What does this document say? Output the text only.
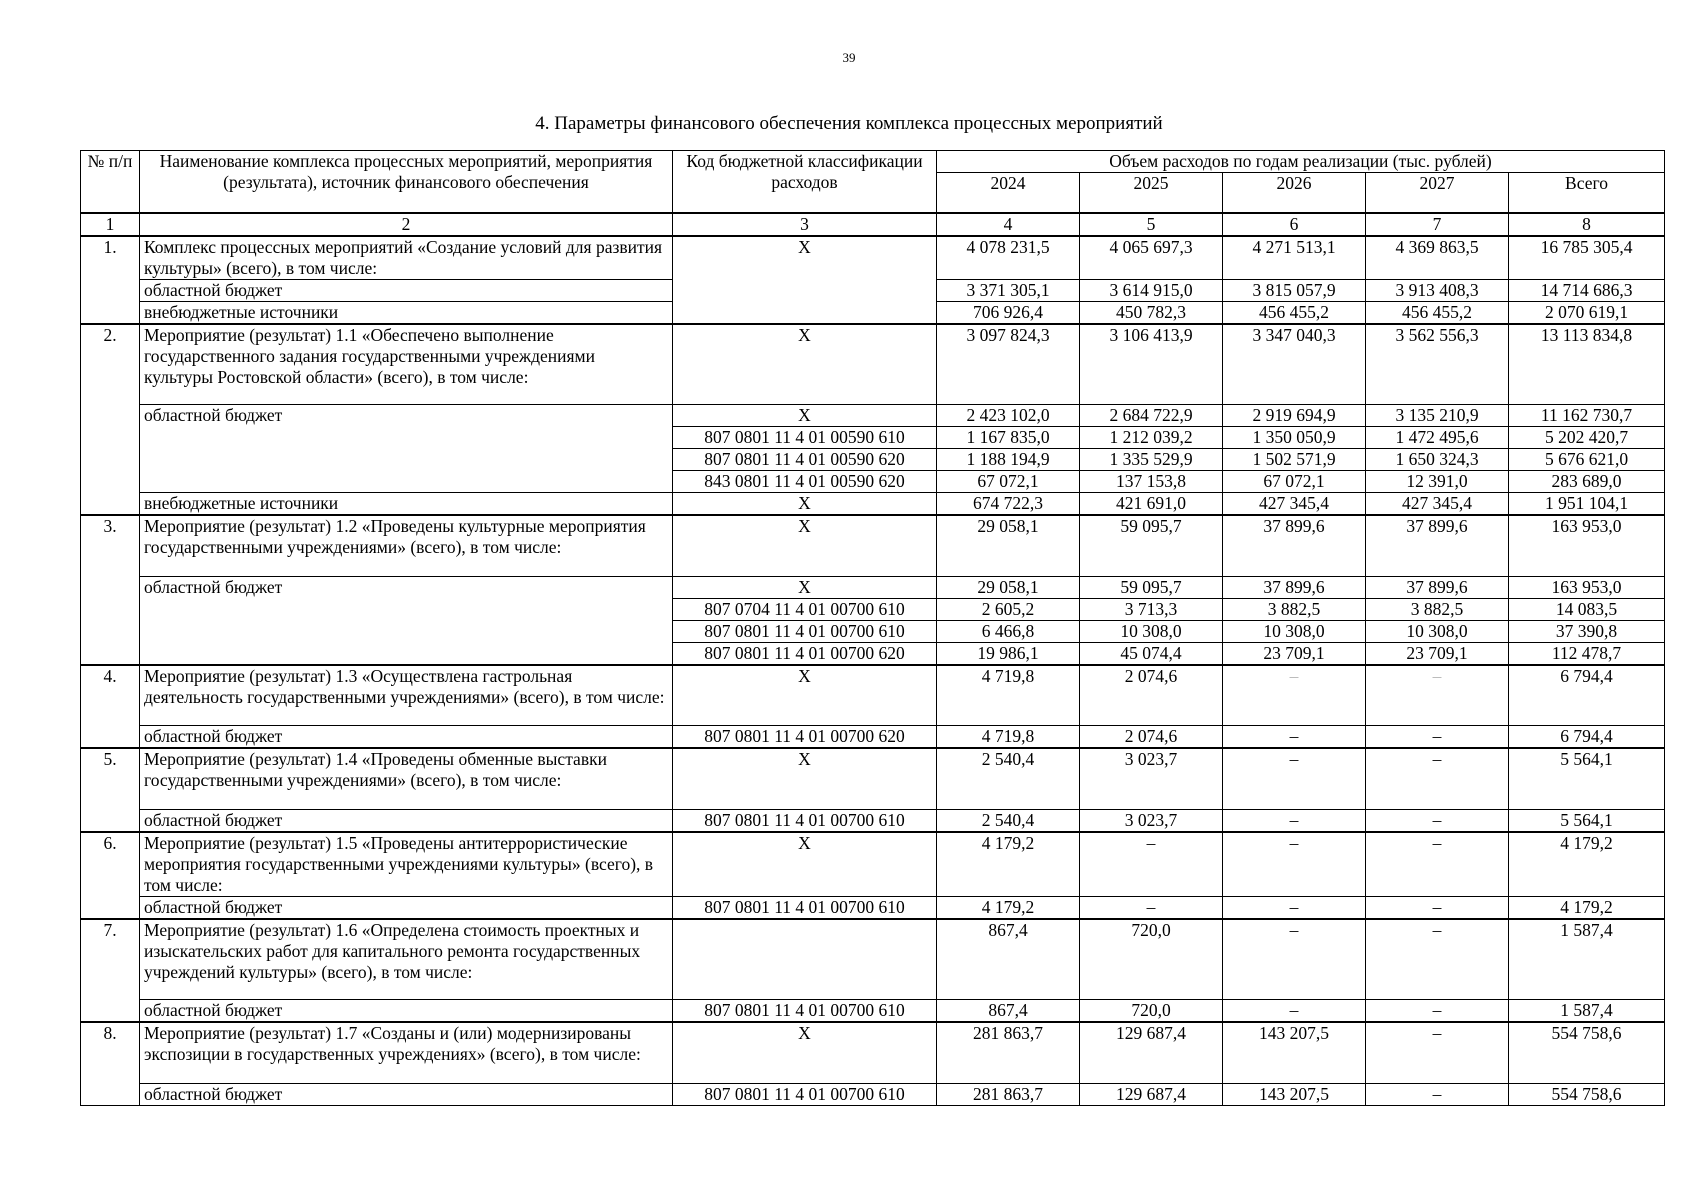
39
4. Параметры финансового обеспечения комплекса процессных мероприятий
№ п/п	Наименование комплекса процессных мероприятий, мероприятия (результата), источник финансового обеспечения	Код бюджетной классификации расходов	Объем расходов по годам реализации (тыс. рублей)				
			2024	2025	2026	2027	Всего
1	2	3	4	5	6	7	8
1.	Комплекс процессных мероприятий «Создание условий для развития культуры» (всего), в том числе:	X	4 078 231,5	4 065 697,3	4 271 513,1	4 369 863,5	16 785 305,4
	областной бюджет		3 371 305,1	3 614 915,0	3 815 057,9	3 913 408,3	14 714 686,3
	внебюджетные источники		706 926,4	450 782,3	456 455,2	456 455,2	2 070 619,1
2.	Мероприятие (результат) 1.1 «Обеспечено выполнение государственного задания государственными учреждениями культуры Ростовской области» (всего), в том числе:	X	3 097 824,3	3 106 413,9	3 347 040,3	3 562 556,3	13 113 834,8
	областной бюджет	X	2 423 102,0	2 684 722,9	2 919 694,9	3 135 210,9	11 162 730,7
		807 0801 11 4 01 00590 610	1 167 835,0	1 212 039,2	1 350 050,9	1 472 495,6	5 202 420,7
		807 0801 11 4 01 00590 620	1 188 194,9	1 335 529,9	1 502 571,9	1 650 324,3	5 676 621,0
		843 0801 11 4 01 00590 620	67 072,1	137 153,8	67 072,1	12 391,0	283 689,0
	внебюджетные источники	X	674 722,3	421 691,0	427 345,4	427 345,4	1 951 104,1
3.	Мероприятие (результат) 1.2 «Проведены культурные мероприятия государственными учреждениями» (всего), в том числе:	X	29 058,1	59 095,7	37 899,6	37 899,6	163 953,0
	областной бюджет	X	29 058,1	59 095,7	37 899,6	37 899,6	163 953,0
		807 0704 11 4 01 00700 610	2 605,2	3 713,3	3 882,5	3 882,5	14 083,5
		807 0801 11 4 01 00700 610	6 466,8	10 308,0	10 308,0	10 308,0	37 390,8
		807 0801 11 4 01 00700 620	19 986,1	45 074,4	23 709,1	23 709,1	112 478,7
4.	Мероприятие (результат) 1.3 «Осуществлена гастрольная деятельность государственными учреждениями» (всего), в том числе:	X	4 719,8	2 074,6	–	–	6 794,4
	областной бюджет	807 0801 11 4 01 00700 620	4 719,8	2 074,6	–	–	6 794,4
5.	Мероприятие (результат) 1.4 «Проведены обменные выставки государственными учреждениями» (всего), в том числе:	X	2 540,4	3 023,7	–	–	5 564,1
	областной бюджет	807 0801 11 4 01 00700 610	2 540,4	3 023,7	–	–	5 564,1
6.	Мероприятие (результат) 1.5 «Проведены антитеррористические мероприятия государственными учреждениями культуры» (всего), в том числе:	X	4 179,2	–	–	–	4 179,2
	областной бюджет	807 0801 11 4 01 00700 610	4 179,2	–	–	–	4 179,2
7.	Мероприятие (результат) 1.6 «Определена стоимость проектных и изыскательских работ для капитального ремонта государственных учреждений культуры» (всего), в том числе:		867,4	720,0	–	–	1 587,4
	областной бюджет	807 0801 11 4 01 00700 610	867,4	720,0	–	–	1 587,4
8.	Мероприятие (результат) 1.7 «Созданы и (или) модернизированы экспозиции в государственных учреждениях» (всего), в том числе:	X	281 863,7	129 687,4	143 207,5	–	554 758,6
	областной бюджет	807 0801 11 4 01 00700 610	281 863,7	129 687,4	143 207,5	–	554 758,6
